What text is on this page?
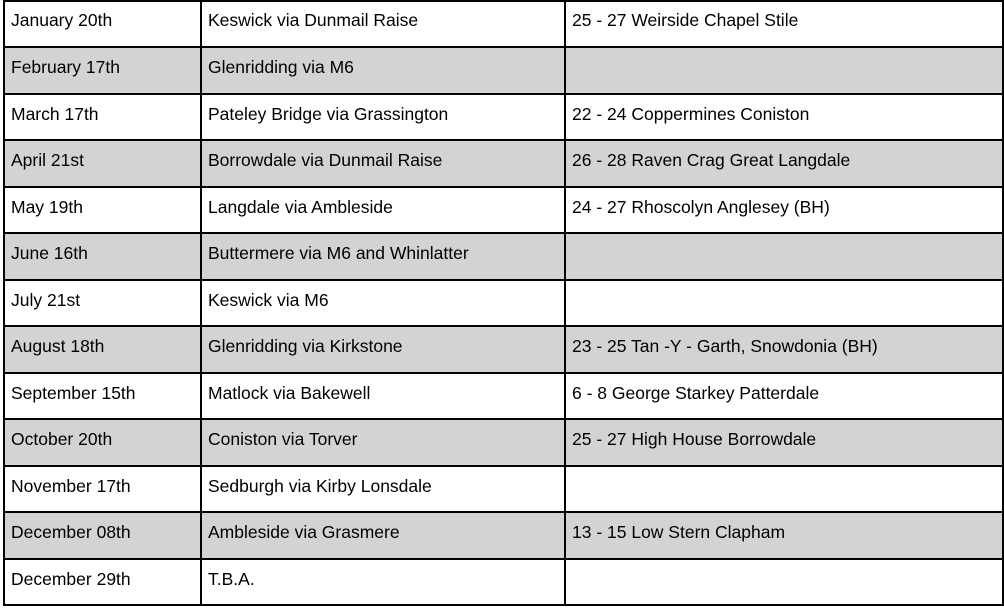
January 20th	Keswick via Dunmail Raise	25 - 27 Weirside Chapel Stile
February 17th	Glenridding via M6	
March 17th	Pateley Bridge via Grassington	22 - 24 Coppermines Coniston
April 21st	Borrowdale via Dunmail Raise	26 - 28 Raven Crag Great Langdale
May 19th	Langdale via Ambleside	24 - 27 Rhoscolyn Anglesey (BH)
June 16th	Buttermere via M6 and Whinlatter	
July 21st	Keswick via M6	
August 18th	Glenridding via Kirkstone	23 - 25 Tan -Y - Garth, Snowdonia (BH)
September 15th	Matlock via Bakewell	6 - 8 George Starkey Patterdale
October 20th	Coniston via Torver	25 - 27 High House Borrowdale
November 17th	Sedburgh via Kirby Lonsdale	
December 08th	Ambleside via Grasmere	13 - 15 Low Stern Clapham
December 29th	T.B.A.	
